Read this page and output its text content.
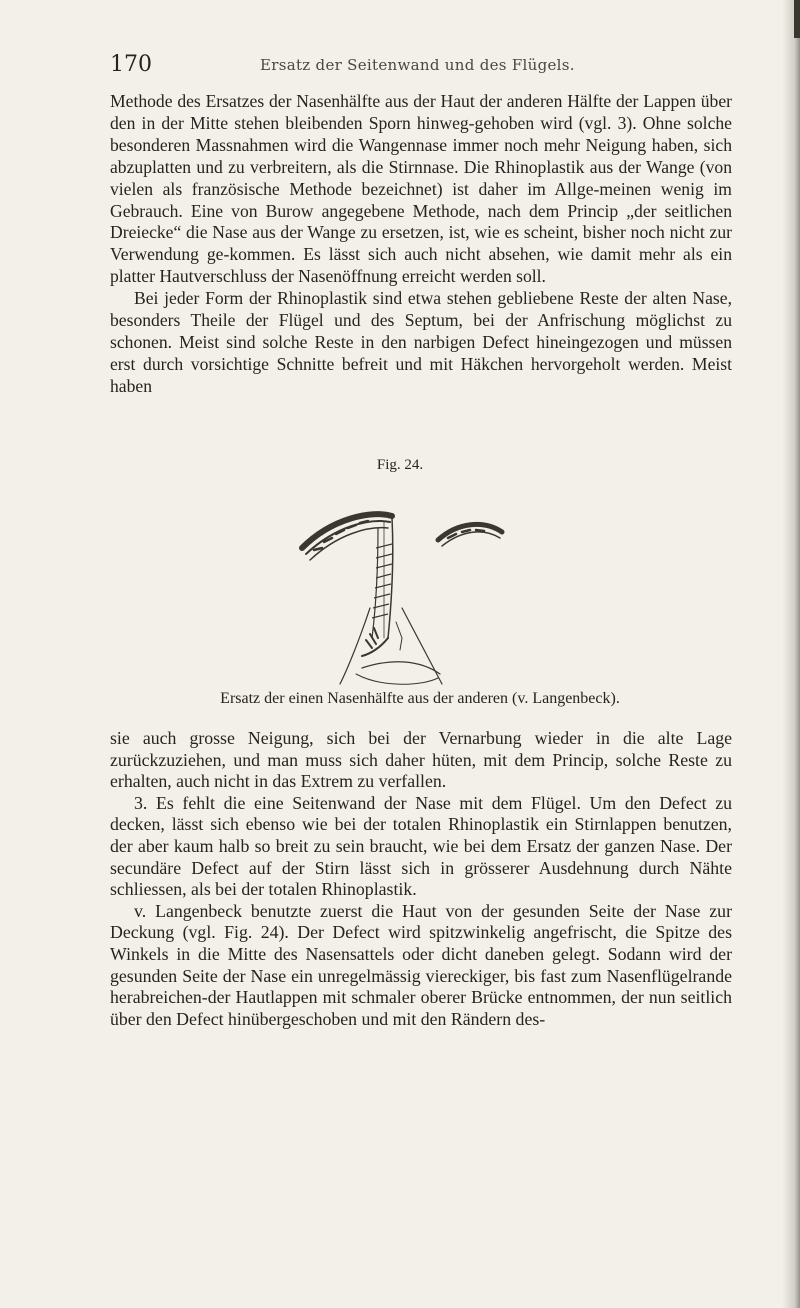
170	Ersatz der Seitenwand und des Flügels.

Methode des Ersatzes der Nasenhälfte aus der Haut der anderen Hälfte der Lappen über den in der Mitte stehen bleibenden Sporn hinweg-gehoben wird (vgl. 3). Ohne solche besonderen Massnahmen wird die Wangennase immer noch mehr Neigung haben, sich abzuplatten und zu verbreitern, als die Stirnnase. Die Rhinoplastik aus der Wange (von vielen als französische Methode bezeichnet) ist daher im Allge-meinen wenig im Gebrauch. Eine von Burow angegebene Methode, nach dem Princip „der seitlichen Dreiecke“ die Nase aus der Wange zu ersetzen, ist, wie es scheint, bisher noch nicht zur Verwendung ge-kommen. Es lässt sich auch nicht absehen, wie damit mehr als ein platter Hautverschluss der Nasenöffnung erreicht werden soll.

Bei jeder Form der Rhinoplastik sind etwa stehen gebliebene Reste der alten Nase, besonders Theile der Flügel und des Septum, bei der Anfrischung möglichst zu schonen. Meist sind solche Reste in den narbigen Defect hineingezogen und müssen erst durch vorsichtige Schnitte befreit und mit Häkchen hervorgeholt werden. Meist haben

Fig. 24.
Ersatz der einen Nasenhälfte aus der anderen (v. Langenbeck).

sie auch grosse Neigung, sich bei der Vernarbung wieder in die alte Lage zurückzuziehen, und man muss sich daher hüten, mit dem Princip, solche Reste zu erhalten, auch nicht in das Extrem zu verfallen.

3. Es fehlt die eine Seitenwand der Nase mit dem Flügel. Um den Defect zu decken, lässt sich ebenso wie bei der totalen Rhinoplastik ein Stirnlappen benutzen, der aber kaum halb so breit zu sein braucht, wie bei dem Ersatz der ganzen Nase. Der secundäre Defect auf der Stirn lässt sich in grösserer Ausdehnung durch Nähte schliessen, als bei der totalen Rhinoplastik.

v. Langenbeck benutzte zuerst die Haut von der gesunden Seite der Nase zur Deckung (vgl. Fig. 24). Der Defect wird spitzwinkelig angefrischt, die Spitze des Winkels in die Mitte des Nasensattels oder dicht daneben gelegt. Sodann wird der gesunden Seite der Nase ein unregelmässig viereckiger, bis fast zum Nasenflügelrande herabreichen-der Hautlappen mit schmaler oberer Brücke entnommen, der nun seitlich über den Defect hinübergeschoben und mit den Rändern des-
